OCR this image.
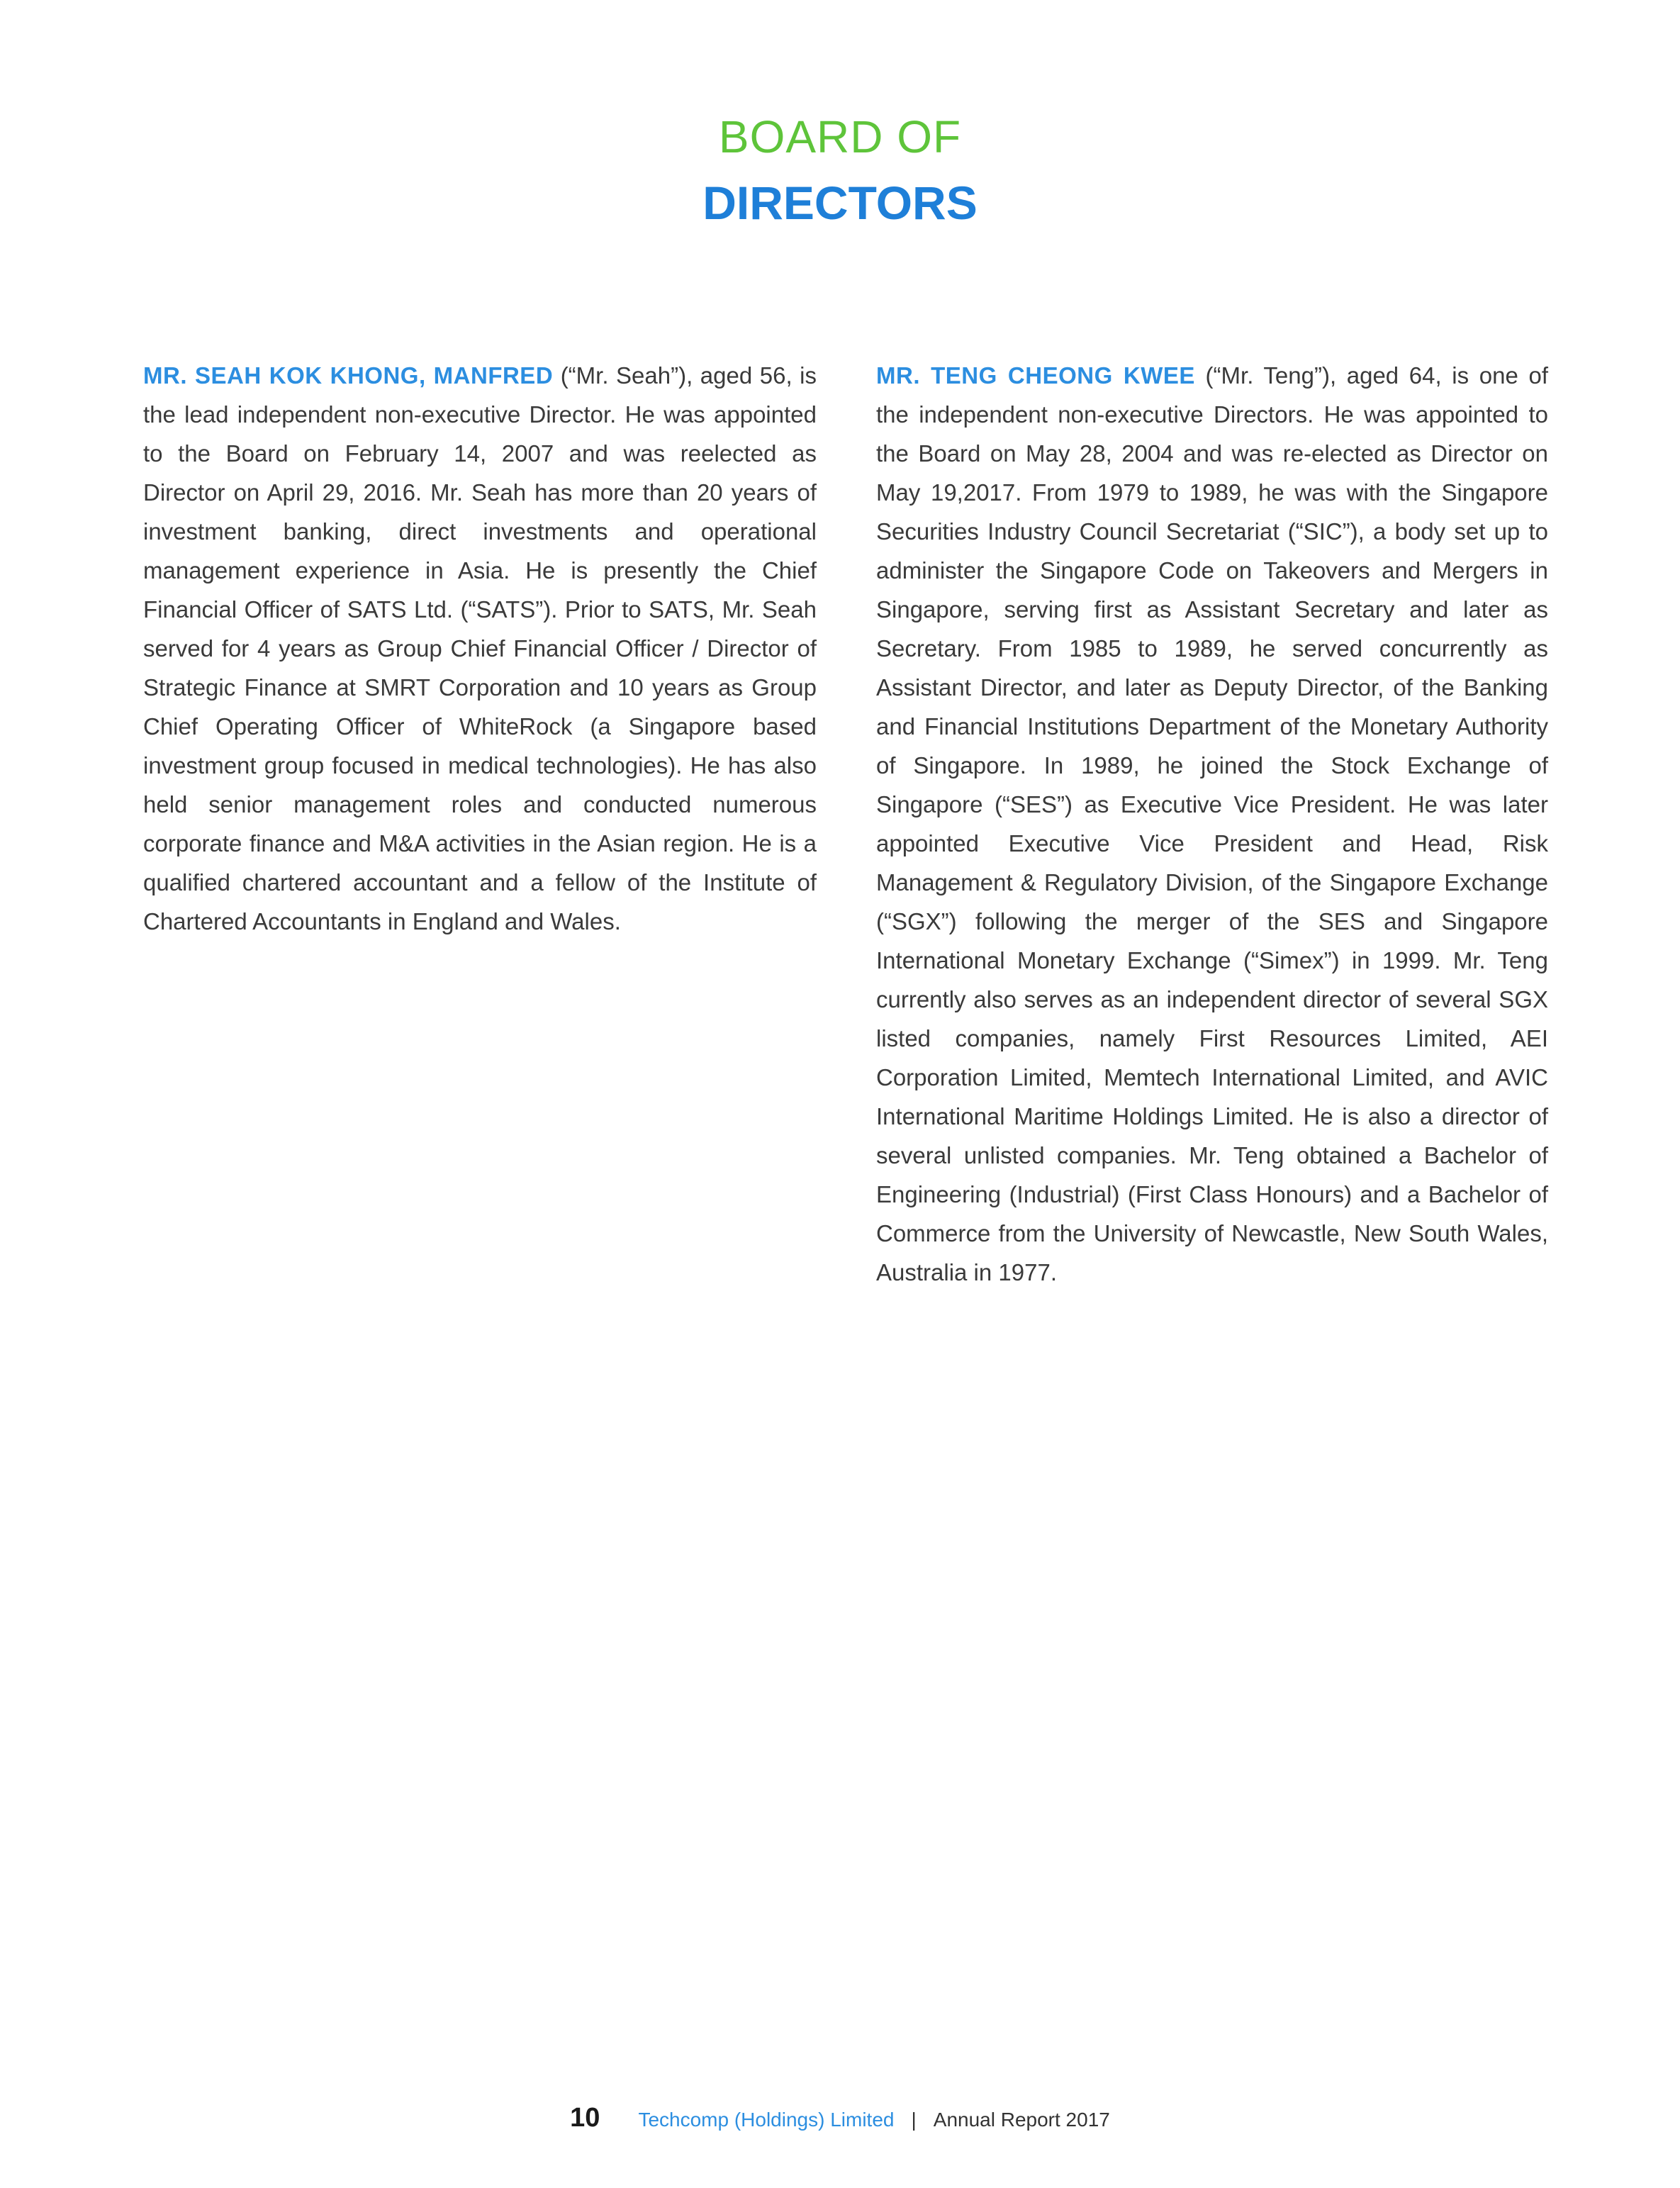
BOARD OF
DIRECTORS
MR. SEAH KOK KHONG, MANFRED (“Mr. Seah”), aged 56, is the lead independent non-executive Director. He was appointed to the Board on February 14, 2007 and was reelected as Director on April 29, 2016. Mr. Seah has more than 20 years of investment banking, direct investments and operational management experience in Asia. He is presently the Chief Financial Officer of SATS Ltd. (“SATS”). Prior to SATS, Mr. Seah served for 4 years as Group Chief Financial Officer / Director of Strategic Finance at SMRT Corporation and 10 years as Group Chief Operating Officer of WhiteRock (a Singapore based investment group focused in medical technologies). He has also held senior management roles and conducted numerous corporate finance and M&A activities in the Asian region. He is a qualified chartered accountant and a fellow of the Institute of Chartered Accountants in England and Wales.
MR. TENG CHEONG KWEE (“Mr. Teng”), aged 64, is one of the independent non-executive Directors. He was appointed to the Board on May 28, 2004 and was re-elected as Director on May 19,2017. From 1979 to 1989, he was with the Singapore Securities Industry Council Secretariat (“SIC”), a body set up to administer the Singapore Code on Takeovers and Mergers in Singapore, serving first as Assistant Secretary and later as Secretary. From 1985 to 1989, he served concurrently as Assistant Director, and later as Deputy Director, of the Banking and Financial Institutions Department of the Monetary Authority of Singapore. In 1989, he joined the Stock Exchange of Singapore (“SES”) as Executive Vice President. He was later appointed Executive Vice President and Head, Risk Management & Regulatory Division, of the Singapore Exchange (“SGX”) following the merger of the SES and Singapore International Monetary Exchange (“Simex”) in 1999. Mr. Teng currently also serves as an independent director of several SGX listed companies, namely First Resources Limited, AEI Corporation Limited, Memtech International Limited, and AVIC International Maritime Holdings Limited. He is also a director of several unlisted companies. Mr. Teng obtained a Bachelor of Engineering (Industrial) (First Class Honours) and a Bachelor of Commerce from the University of Newcastle, New South Wales, Australia in 1977.
10 Techcomp (Holdings) Limited | Annual Report 2017
